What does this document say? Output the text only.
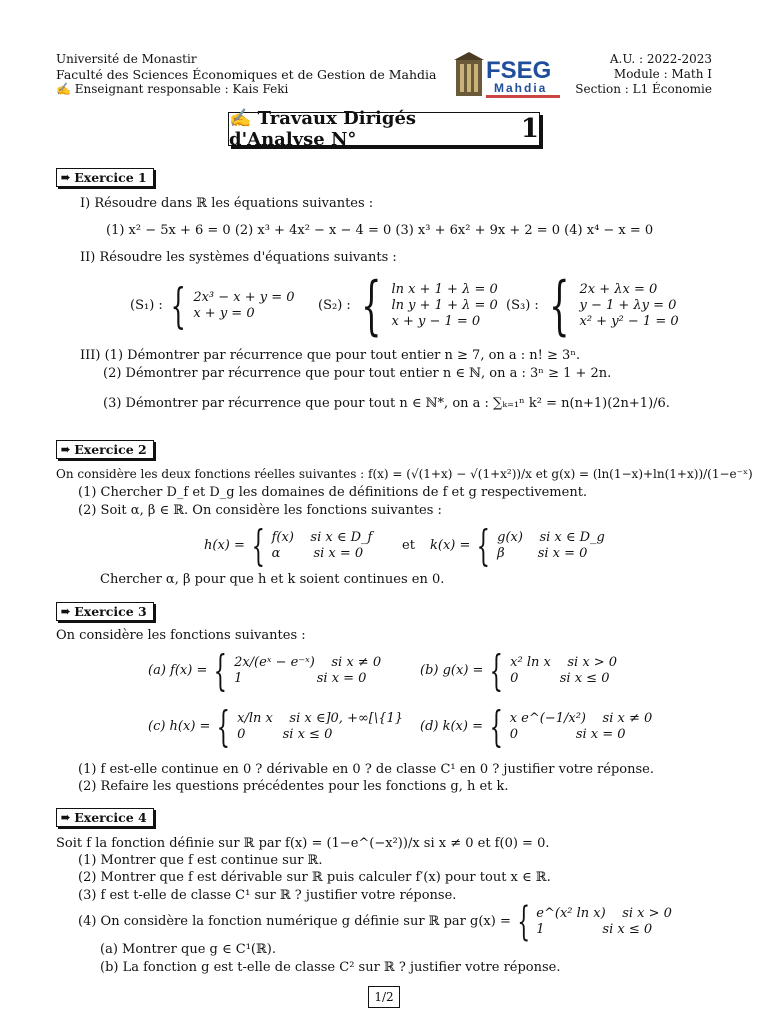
Université de Monastir
Faculté des Sciences Économiques et de Gestion de Mahdia
✍ Enseignant responsable : Kais Feki
FSEG
Mahdia
A.U. : 2022-2023
Module : Math I
Section : L1 Économie
✍ Travaux Dirigés d'Analyse N°	1
➠ Exercice 1
I) Résoudre dans ℝ les équations suivantes :
(1) x² − 5x + 6 = 0 (2) x³ + 4x² − x − 4 = 0 (3) x³ + 6x² + 9x + 2 = 0 (4) x⁴ − x = 0
II) Résoudre les systèmes d'équations suivants :
(S₁) : { 2x³ − x + y = 0
x + y = 0
(S₂) : { ln x + 1 + λ = 0
ln y + 1 + λ = 0
x + y − 1 = 0
(S₃) : { 2x + λx = 0
y − 1 + λy = 0
x² + y² − 1 = 0
III) (1) Démontrer par récurrence que pour tout entier n ≥ 7, on a : n! ≥ 3ⁿ.
(2) Démontrer par récurrence que pour tout entier n ∈ ℕ, on a : 3ⁿ ≥ 1 + 2n.
(3) Démontrer par récurrence que pour tout n ∈ ℕ*, on a : ∑ₖ₌₁ⁿ k² = n(n+1)(2n+1)/6.
➠ Exercice 2
On considère les deux fonctions réelles suivantes : f(x) = (√(1+x) − √(1+x²))/x et g(x) = (ln(1−x)+ln(1+x))/(1−e⁻ˣ)
(1) Chercher D_f et D_g les domaines de définitions de f et g respectivement.
(2) Soit α, β ∈ ℝ. On considère les fonctions suivantes :
h(x) = { f(x)    si x ∈ D_f
α        si x = 0
et k(x) = { g(x)    si x ∈ D_g
β        si x = 0
Chercher α, β pour que h et k soient continues en 0.
➠ Exercice 3
On considère les fonctions suivantes :
(a) f(x) = { 2x/(eˣ − e⁻ˣ)    si x ≠ 0
1                  si x = 0
(b) g(x) = { x² ln x    si x > 0
0          si x ≤ 0
(c) h(x) = { x/ln x    si x ∈]0, +∞[\{1}
0         si x ≤ 0
(d) k(x) = { x e^(−1/x²)    si x ≠ 0
0              si x = 0
(1) f est-elle continue en 0 ? dérivable en 0 ? de classe C¹ en 0 ? justifier votre réponse.
(2) Refaire les questions précédentes pour les fonctions g, h et k.
➠ Exercice 4
Soit f la fonction définie sur ℝ par f(x) = (1−e^(−x²))/x si x ≠ 0 et f(0) = 0.
(1) Montrer que f est continue sur ℝ.
(2) Montrer que f est dérivable sur ℝ puis calculer f′(x) pour tout x ∈ ℝ.
(3) f est t-elle de classe C¹ sur ℝ ? justifier votre réponse.
(4) On considère la fonction numérique g définie sur ℝ par g(x) = { e^(x² ln x)    si x > 0
1              si x ≤ 0
(a) Montrer que g ∈ C¹(ℝ).
(b) La fonction g est t-elle de classe C² sur ℝ ? justifier votre réponse.
1/2
